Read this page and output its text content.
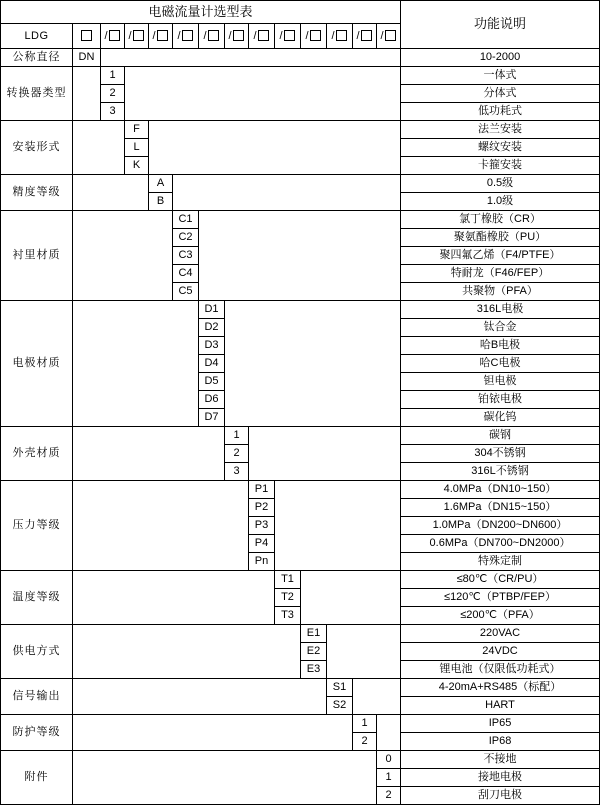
电磁流量计选型表														功能说明
LDG		/	/	/	/	/	/	/	/	/	/	/	/	
公称直径	DN													10-2000
转换器类型		1												一体式
		2												分体式
		3												低功耗式
安装形式			F											法兰安装
			L											螺纹安装
			K											卡箍安装
精度等级				A										0.5级
				B										1.0级
衬里材质					C1									氯丁橡胶（CR）
					C2									聚氨酯橡胶（PU）
					C3									聚四氟乙烯（F4/PTFE）
					C4									特耐龙（F46/FEP）
					C5									共聚物（PFA）
电极材质						D1								316L电极
						D2								钛合金
						D3								哈B电极
						D4								哈C电极
						D5								钽电极
						D6								铂铱电极
						D7								碳化钨
外壳材质							1							碳钢
							2							304不锈钢
							3							316L不锈钢
压力等级								P1						4.0MPa（DN10~150）
								P2						1.6MPa（DN15~150）
								P3						1.0MPa（DN200~DN600）
								P4						0.6MPa（DN700~DN2000）
								Pn						特殊定制
温度等级									T1					≤80℃（CR/PU）
									T2					≤120℃（PTBP/FEP）
									T3					≤200℃（PFA）
供电方式										E1				220VAC
										E2				24VDC
										E3				锂电池（仅限低功耗式）
信号输出											S1			4-20mA+RS485（标配）
											S2			HART
防护等级												1		IP65
												2		IP68
附件													0	不接地
													1	接地电极
													2	刮刀电极
